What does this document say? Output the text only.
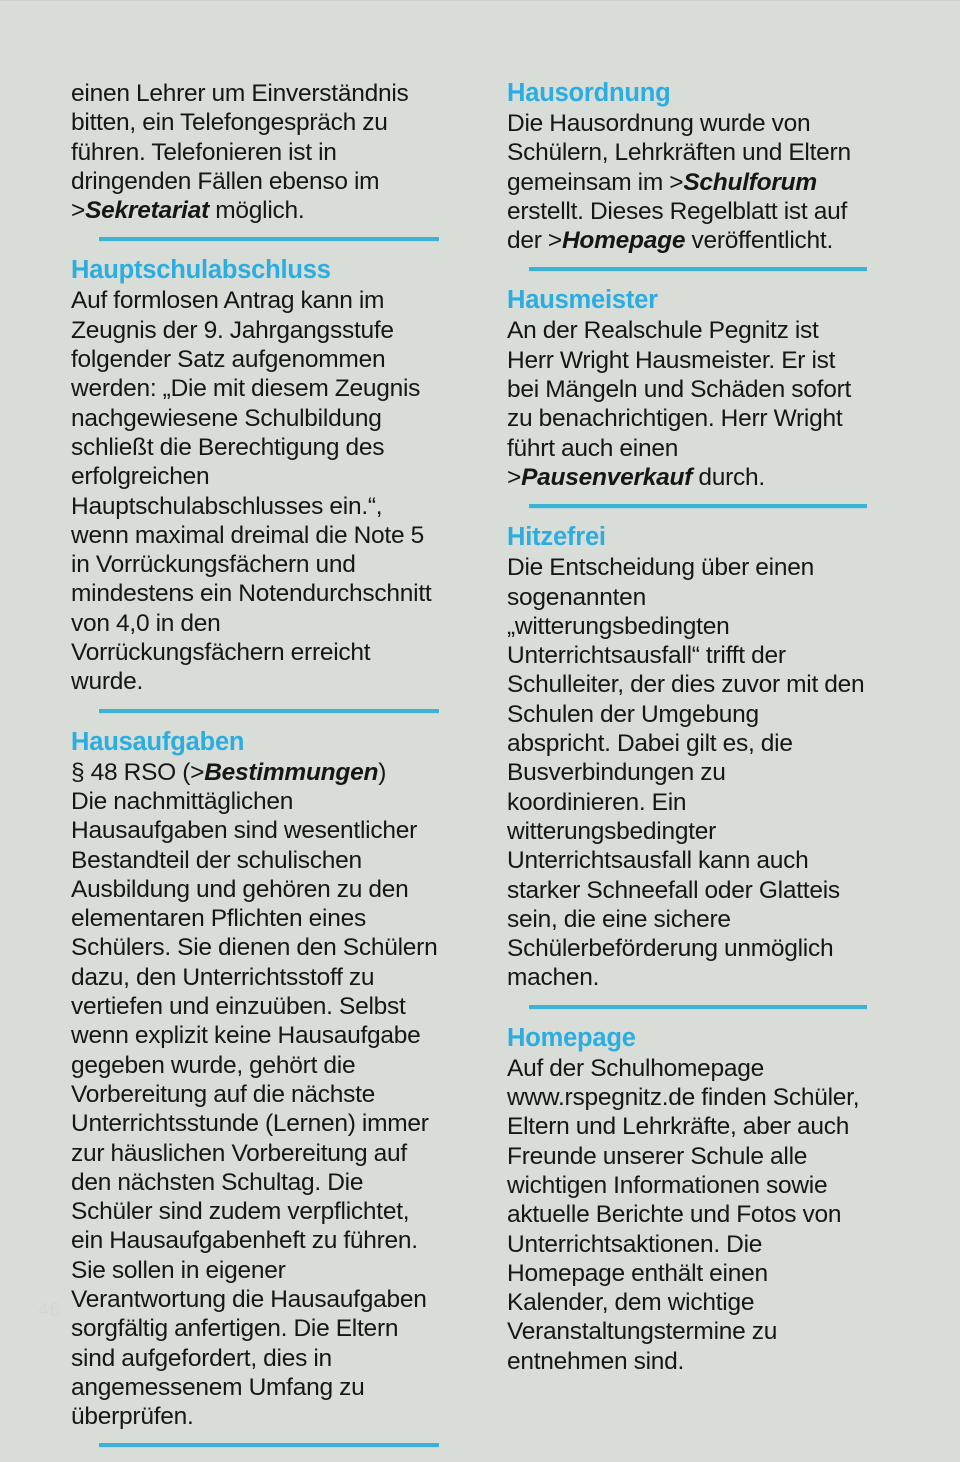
einen Lehrer um Einverständnis bitten, ein Telefongespräch zu führen. Telefonieren ist in dringenden Fällen ebenso im >Sekretariat möglich.

Hauptschulabschluss

Auf formlosen Antrag kann im Zeugnis der 9. Jahrgangsstufe folgender Satz aufgenommen werden: „Die mit diesem Zeugnis nachgewiesene Schulbildung schließt die Berechtigung des erfolgreichen Hauptschulabschlusses ein.“, wenn maximal dreimal die Note 5 in Vorrückungsfächern und mindestens ein Notendurchschnitt von 4,0 in den Vorrückungsfächern erreicht wurde.

Hausaufgaben

§ 48 RSO (>Bestimmungen)

Die nachmittäglichen Hausaufgaben sind wesentlicher Bestandteil der schulischen Ausbildung und gehören zu den elementaren Pflichten eines Schülers. Sie dienen den Schülern dazu, den Unterrichtsstoff zu vertiefen und einzuüben. Selbst wenn explizit keine Hausaufgabe gegeben wurde, gehört die Vorbereitung auf die nächste Unterrichtsstunde (Lernen) immer zur häuslichen Vorbereitung auf den nächsten Schultag. Die Schüler sind zudem verpflichtet, ein Hausaufgabenheft zu führen. Sie sollen in eigener Verantwortung die Hausaufgaben sorgfältig anfertigen. Die Eltern sind aufgefordert, dies in angemessenem Umfang zu überprüfen.

Hausordnung

Die Hausordnung wurde von Schülern, Lehrkräften und Eltern gemeinsam im >Schulforum erstellt. Dieses Regelblatt ist auf der >Homepage veröffentlicht.

Hausmeister

An der Realschule Pegnitz ist Herr Wright Hausmeister. Er ist bei Mängeln und Schäden sofort zu benachrichtigen. Herr Wright führt auch einen >Pausenverkauf durch.

Hitzefrei

Die Entscheidung über einen sogenannten „witterungsbedingten Unterrichtsausfall“ trifft der Schulleiter, der dies zuvor mit den Schulen der Umgebung abspricht. Dabei gilt es, die Busverbindungen zu koordinieren. Ein witterungsbedingter Unterrichtsausfall kann auch starker Schneefall oder Glatteis sein, die eine sichere Schülerbeförderung unmöglich machen.

Homepage

Auf der Schulhomepage www.rspegnitz.de finden Schüler, Eltern und Lehrkräfte, aber auch Freunde unserer Schule alle wichtigen Informationen sowie aktuelle Berichte und Fotos von Unterrichtsaktionen. Die Homepage enthält einen Kalender, dem wichtige Veranstaltungstermine zu entnehmen sind.

46
